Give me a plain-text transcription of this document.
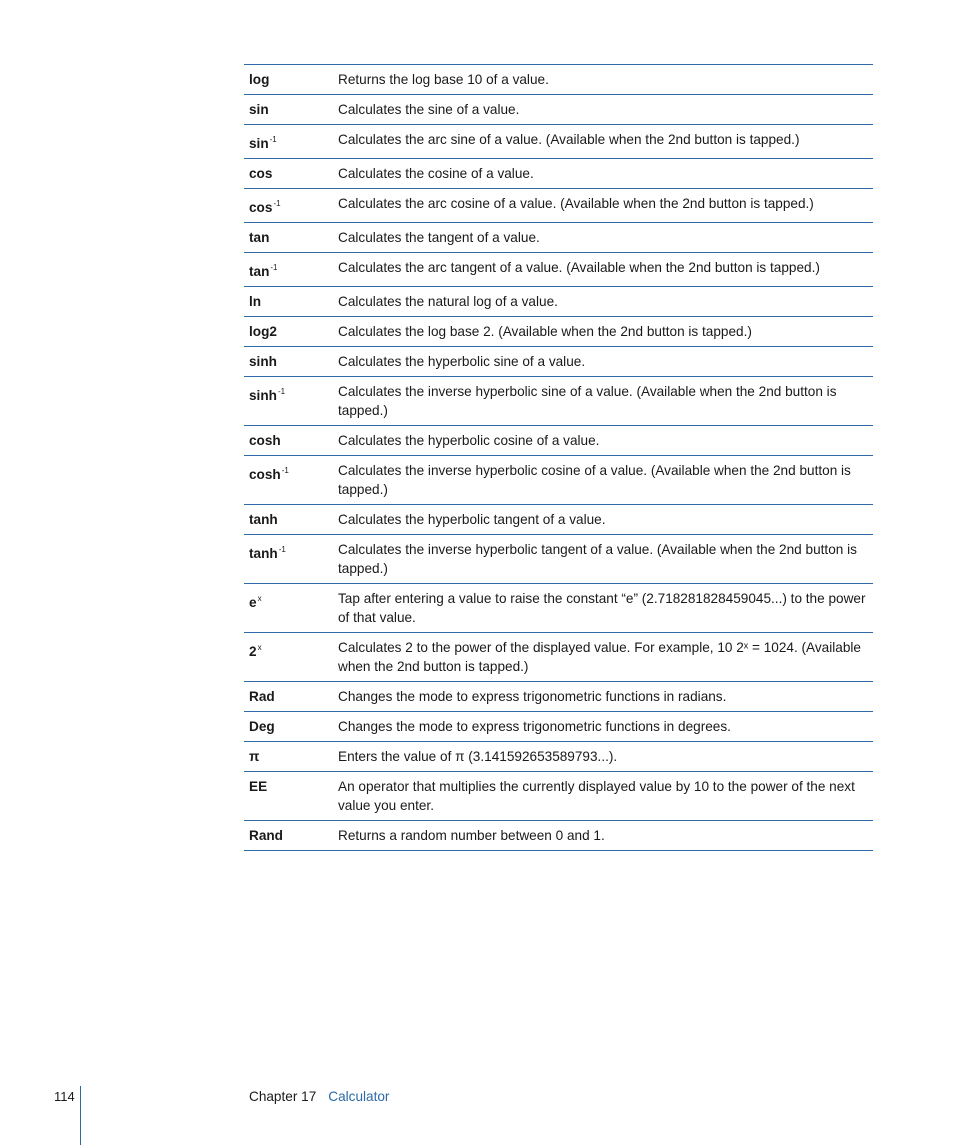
log	Returns the log base 10 of a value.
sin	Calculates the sine of a value.
$\sin^{-1}$	Calculates the arc sine of a value. (Available when the 2nd button is tapped.)
cos	Calculates the cosine of a value.
$\cos^{-1}$	Calculates the arc cosine of a value. (Available when the 2nd button is tapped.)
tan	Calculates the tangent of a value.
$\tan^{-1}$	Calculates the arc tangent of a value. (Available when the 2nd button is tapped.)
ln	Calculates the natural log of a value.
log2	Calculates the log base 2. (Available when the 2nd button is tapped.)
sinh	Calculates the hyperbolic sine of a value.
$\sinh^{-1}$	Calculates the inverse hyperbolic sine of a value. (Available when the 2nd button is tapped.)
cosh	Calculates the hyperbolic cosine of a value.
$\cosh^{-1}$	Calculates the inverse hyperbolic cosine of a value. (Available when the 2nd button is tapped.)
tanh	Calculates the hyperbolic tangent of a value.
$\tanh^{-1}$	Calculates the inverse hyperbolic tangent of a value. (Available when the 2nd button is tapped.)
$e^x$	Tap after entering a value to raise the constant “e” (2.718281828459045...) to the power of that value.
2$^x$	Calculates 2 to the power of the displayed value. For example, 10 2ˣ = 1024. (Available when the 2nd button is tapped.)
Rad	Changes the mode to express trigonometric functions in radians.
Deg	Changes the mode to express trigonometric functions in degrees.
π	Enters the value of π (3.141592653589793...).
EE	An operator that multiplies the currently displayed value by 10 to the power of the next value you enter.
Rand	Returns a random number between 0 and 1.
114	Chapter 17 Calculator
